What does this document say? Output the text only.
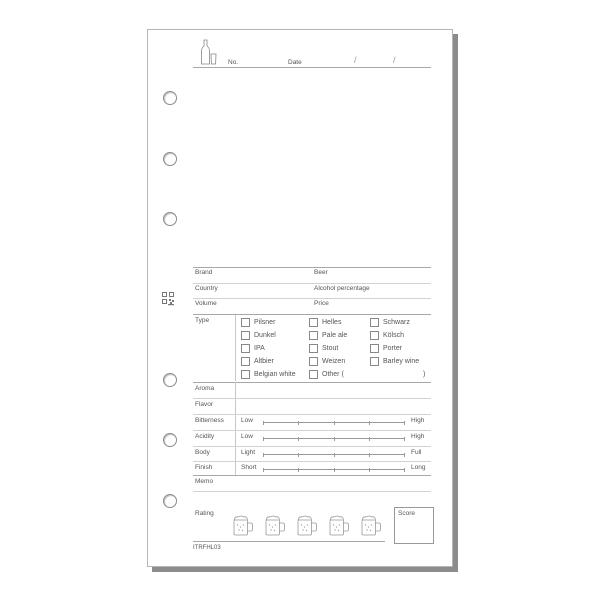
No.	Date	/	/
Brand	Beer
Country	Alcohol percentage
Volume	Price
Type	Pilsner	Helles	Schwarz
Dunkel	Pale ale	Kölsch
IPA	Stout	Porter
Altbier	Weizen	Barley wine
Belgian white	Other (	)
Aroma
Flavor
Bitterness	Low	High
Acidity	Low	High
Body	Light	Full
Finish	Short	Long
Memo
Rating	Score
ITRFHL03
